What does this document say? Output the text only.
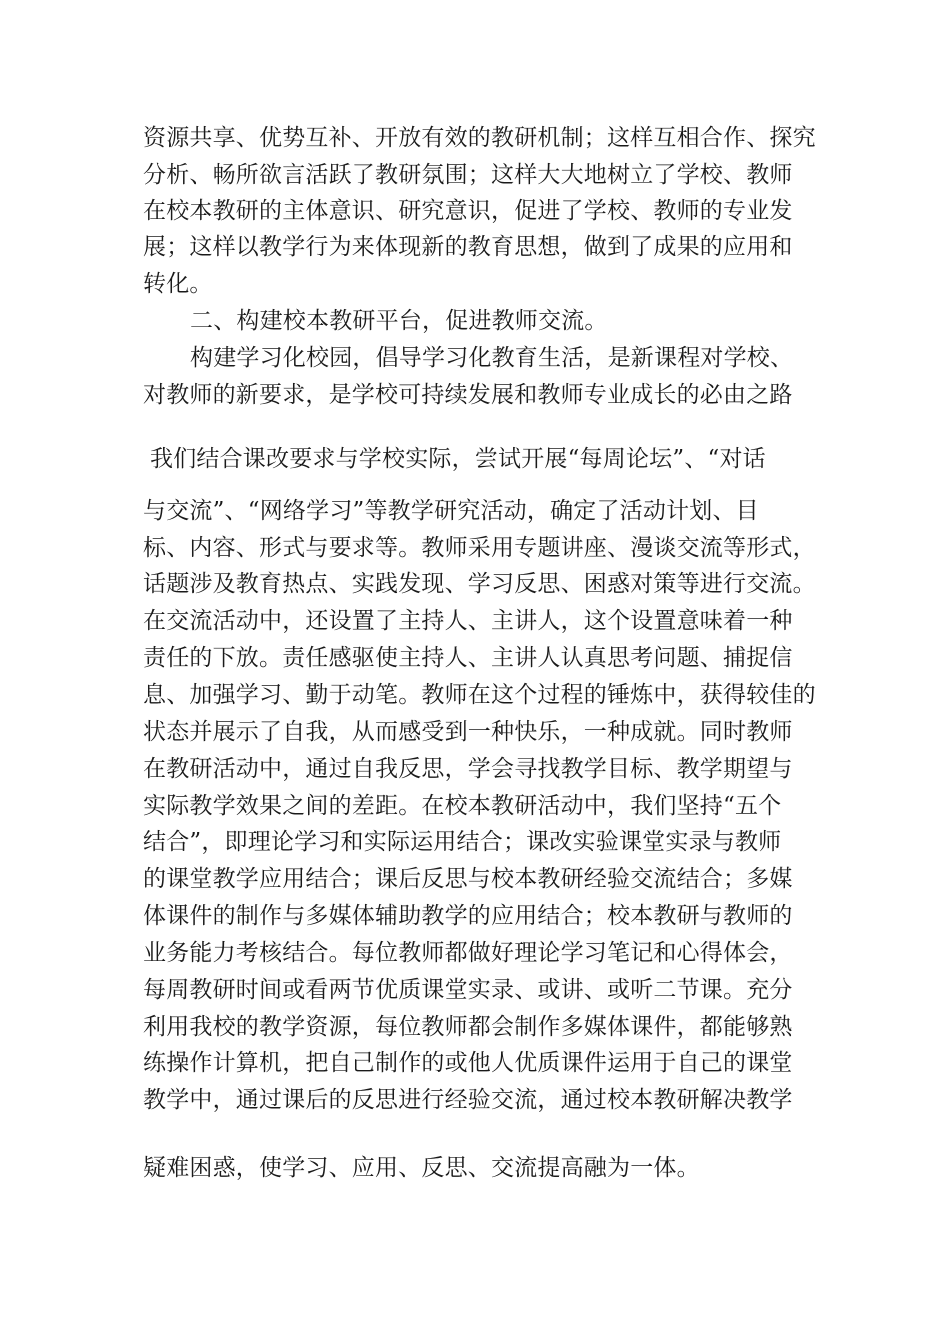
资源共享、优势互补、开放有效的教研机制；这样互相合作、探究
分析、畅所欲言活跃了教研氛围；这样大大地树立了学校、教师
在校本教研的主体意识、研究意识，促进了学校、教师的专业发
展；这样以教学行为来体现新的教育思想，做到了成果的应用和
转化。
二、构建校本教研平台，促进教师交流。
构建学习化校园，倡导学习化教育生活，是新课程对学校、
对教师的新要求，是学校可持续发展和教师专业成长的必由之路
我们结合课改要求与学校实际，尝试开展“每周论坛”、“对话
与交流”、“网络学习”等教学研究活动，确定了活动计划、目
标、内容、形式与要求等。教师采用专题讲座、漫谈交流等形式，
话题涉及教育热点、实践发现、学习反思、困惑对策等进行交流。
在交流活动中，还设置了主持人、主讲人，这个设置意味着一种
责任的下放。责任感驱使主持人、主讲人认真思考问题、捕捉信
息、加强学习、勤于动笔。教师在这个过程的锤炼中，获得较佳的
状态并展示了自我，从而感受到一种快乐，一种成就。同时教师
在教研活动中，通过自我反思，学会寻找教学目标、教学期望与
实际教学效果之间的差距。在校本教研活动中，我们坚持“五个
结合”，即理论学习和实际运用结合；课改实验课堂实录与教师
的课堂教学应用结合；课后反思与校本教研经验交流结合；多媒
体课件的制作与多媒体辅助教学的应用结合；校本教研与教师的
业务能力考核结合。每位教师都做好理论学习笔记和心得体会，
每周教研时间或看两节优质课堂实录、或讲、或听二节课。充分
利用我校的教学资源，每位教师都会制作多媒体课件，都能够熟
练操作计算机，把自己制作的或他人优质课件运用于自己的课堂
教学中，通过课后的反思进行经验交流，通过校本教研解决教学
疑难困惑，使学习、应用、反思、交流提高融为一体。
